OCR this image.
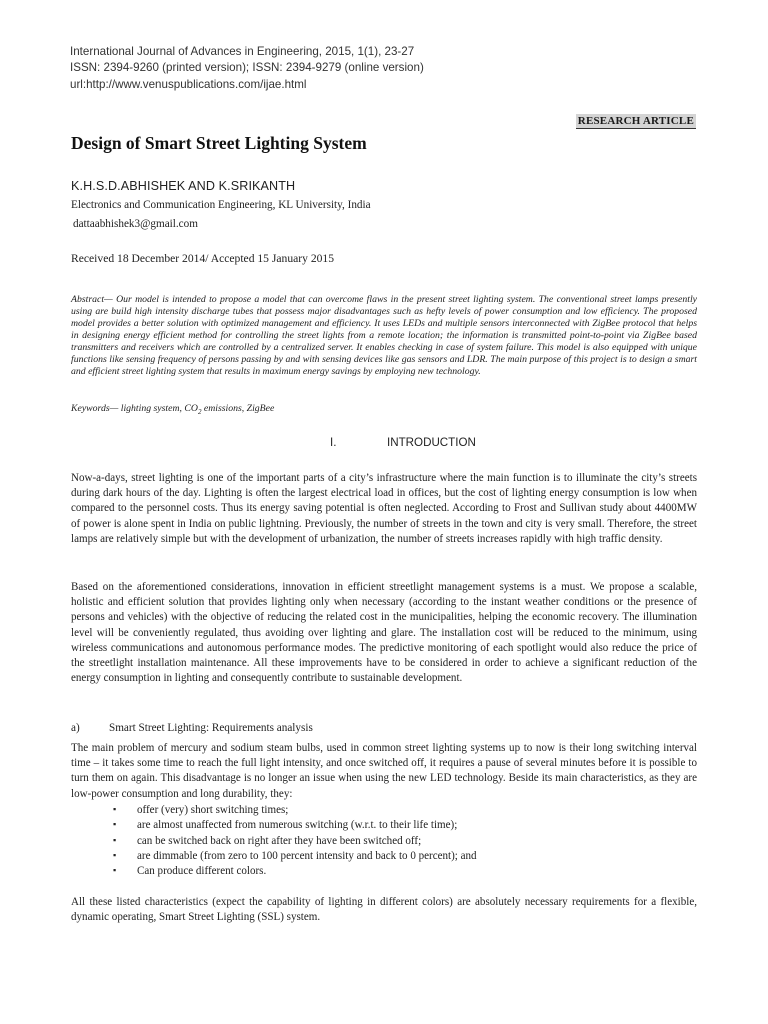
International Journal of Advances in Engineering, 2015, 1(1), 23-27
ISSN: 2394-9260 (printed version); ISSN: 2394-9279 (online version)
url:http://www.venuspublications.com/ijae.html
RESEARCH ARTICLE
Design of Smart Street Lighting System
K.H.S.D.ABHISHEK AND K.SRIKANTH
Electronics and Communication Engineering, KL University, India
dattaabhishek3@gmail.com
Received 18 December 2014/ Accepted 15 January 2015
Abstract— Our model is intended to propose a model that can overcome flaws in the present street lighting system. The conventional street lamps presently using are build high intensity discharge tubes that possess major disadvantages such as hefty levels of power consumption and low efficiency. The proposed model provides a better solution with optimized management and efficiency. It uses LEDs and multiple sensors interconnected with ZigBee protocol that helps in designing energy efficient method for controlling the street lights from a remote location; the information is transmitted point-to-point via ZigBee based transmitters and receivers which are controlled by a centralized server. It enables checking in case of system failure. This model is also equipped with unique functions like sensing frequency of persons passing by and with sensing devices like gas sensors and LDR. The main purpose of this project is to design a smart and efficient street lighting system that results in maximum energy savings by employing new technology.
Keywords— lighting system, $CO_2$ emissions, ZigBee
I.	INTRODUCTION
Now-a-days, street lighting is one of the important parts of a city’s infrastructure where the main function is to illuminate the city’s streets during dark hours of the day. Lighting is often the largest electrical load in offices, but the cost of lighting energy consumption is low when compared to the personnel costs. Thus its energy saving potential is often neglected. According to Frost and Sullivan study about 4400MW of power is alone spent in India on public lightning. Previously, the number of streets in the town and city is very small. Therefore, the street lamps are relatively simple but with the development of urbanization, the number of streets increases rapidly with high traffic density.
Based on the aforementioned considerations, innovation in efficient streetlight management systems is a must. We propose a scalable, holistic and efficient solution that provides lighting only when necessary (according to the instant weather conditions or the presence of persons and vehicles) with the objective of reducing the related cost in the municipalities, helping the economic recovery. The illumination level will be conveniently regulated, thus avoiding over lighting and glare. The installation cost will be reduced to the minimum, using wireless communications and autonomous performance modes. The predictive monitoring of each spotlight would also reduce the price of the streetlight installation maintenance. All these improvements have to be considered in order to achieve a significant reduction of the energy consumption in lighting and consequently contribute to sustainable development.
a)	Smart Street Lighting: Requirements analysis
The main problem of mercury and sodium steam bulbs, used in common street lighting systems up to now is their long switching interval time – it takes some time to reach the full light intensity, and once switched off, it requires a pause of several minutes before it is possible to turn them on again. This disadvantage is no longer an issue when using the new LED technology. Beside its main characteristics, as they are low-power consumption and long durability, they:
▪ offer (very) short switching times;
▪ are almost unaffected from numerous switching (w.r.t. to their life time);
▪ can be switched back on right after they have been switched off;
▪ are dimmable (from zero to 100 percent intensity and back to 0 percent); and
▪ Can produce different colors.
All these listed characteristics (expect the capability of lighting in different colors) are absolutely necessary requirements for a flexible, dynamic operating, Smart Street Lighting (SSL) system.
